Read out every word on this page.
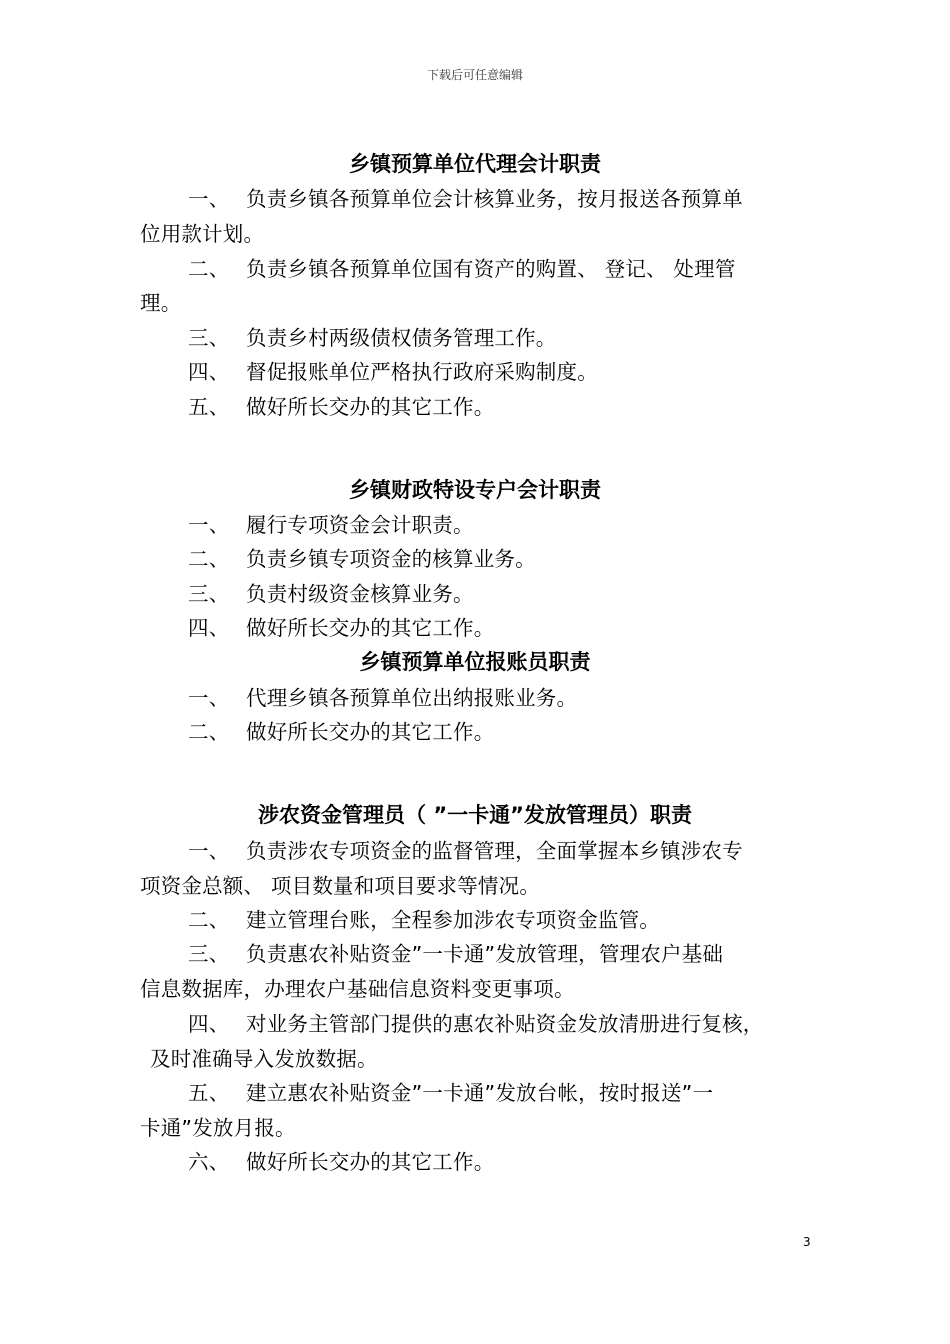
下载后可任意编辑
乡镇预算单位代理会计职责
一、 负责乡镇各预算单位会计核算业务，按月报送各预算单
位用款计划。
二、 负责乡镇各预算单位国有资产的购置、 登记、 处理管
理。
三、 负责乡村两级债权债务管理工作。
四、 督促报账单位严格执行政府采购制度。
五、 做好所长交办的其它工作。
乡镇财政特设专户会计职责
一、 履行专项资金会计职责。
二、 负责乡镇专项资金的核算业务。
三、 负责村级资金核算业务。
四、 做好所长交办的其它工作。
乡镇预算单位报账员职责
一、 代理乡镇各预算单位出纳报账业务。
二、 做好所长交办的其它工作。
涉农资金管理员（ ”一卡通”发放管理员）职责
一、 负责涉农专项资金的监督管理，全面掌握本乡镇涉农专
项资金总额、 项目数量和项目要求等情况。
二、 建立管理台账，全程参加涉农专项资金监管。
三、 负责惠农补贴资金”一卡通”发放管理，管理农户基础
信息数据库，办理农户基础信息资料变更事项。
四、 对业务主管部门提供的惠农补贴资金发放清册进行复核，
及时准确导入发放数据。
五、 建立惠农补贴资金”一卡通”发放台帐，按时报送”一
卡通”发放月报。
六、 做好所长交办的其它工作。
3
